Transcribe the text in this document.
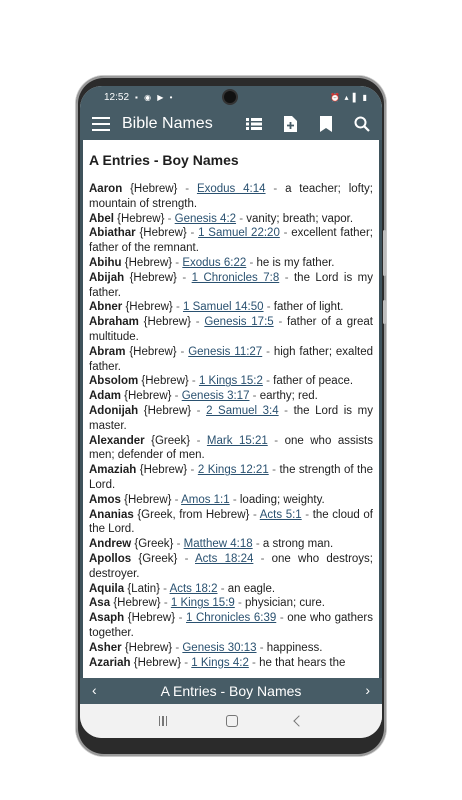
12:52 ▪ ◉ ▶ •	⏰ ▴ ▌ ▮
Bible Names
A Entries - Boy Names
Aaron {Hebrew} - Exodus 4:14 - a teacher; lofty; mountain of strength.
Abel {Hebrew} - Genesis 4:2 - vanity; breath; vapor.
Abiathar {Hebrew} - 1 Samuel 22:20 - excellent father; father of the remnant.
Abihu {Hebrew} - Exodus 6:22 - he is my father.
Abijah {Hebrew} - 1 Chronicles 7:8 - the Lord is my father.
Abner {Hebrew} - 1 Samuel 14:50 - father of light.
Abraham {Hebrew} - Genesis 17:5 - father of a great multitude.
Abram {Hebrew} - Genesis 11:27 - high father; exalted father.
Absolom {Hebrew} - 1 Kings 15:2 - father of peace.
Adam {Hebrew} - Genesis 3:17 - earthy; red.
Adonijah {Hebrew} - 2 Samuel 3:4 - the Lord is my master.
Alexander {Greek} - Mark 15:21 - one who assists men; defender of men.
Amaziah {Hebrew} - 2 Kings 12:21 - the strength of the Lord.
Amos {Hebrew} - Amos 1:1 - loading; weighty.
Ananias {Greek, from Hebrew} - Acts 5:1 - the cloud of the Lord.
Andrew {Greek} - Matthew 4:18 - a strong man.
Apollos {Greek} - Acts 18:24 - one who destroys; destroyer.
Aquila {Latin} - Acts 18:2 - an eagle.
Asa {Hebrew} - 1 Kings 15:9 - physician; cure.
Asaph {Hebrew} - 1 Chronicles 6:39 - one who gathers together.
Asher {Hebrew} - Genesis 30:13 - happiness.
Azariah {Hebrew} - 1 Kings 4:2 - he that hears the
‹	A Entries - Boy Names	›
